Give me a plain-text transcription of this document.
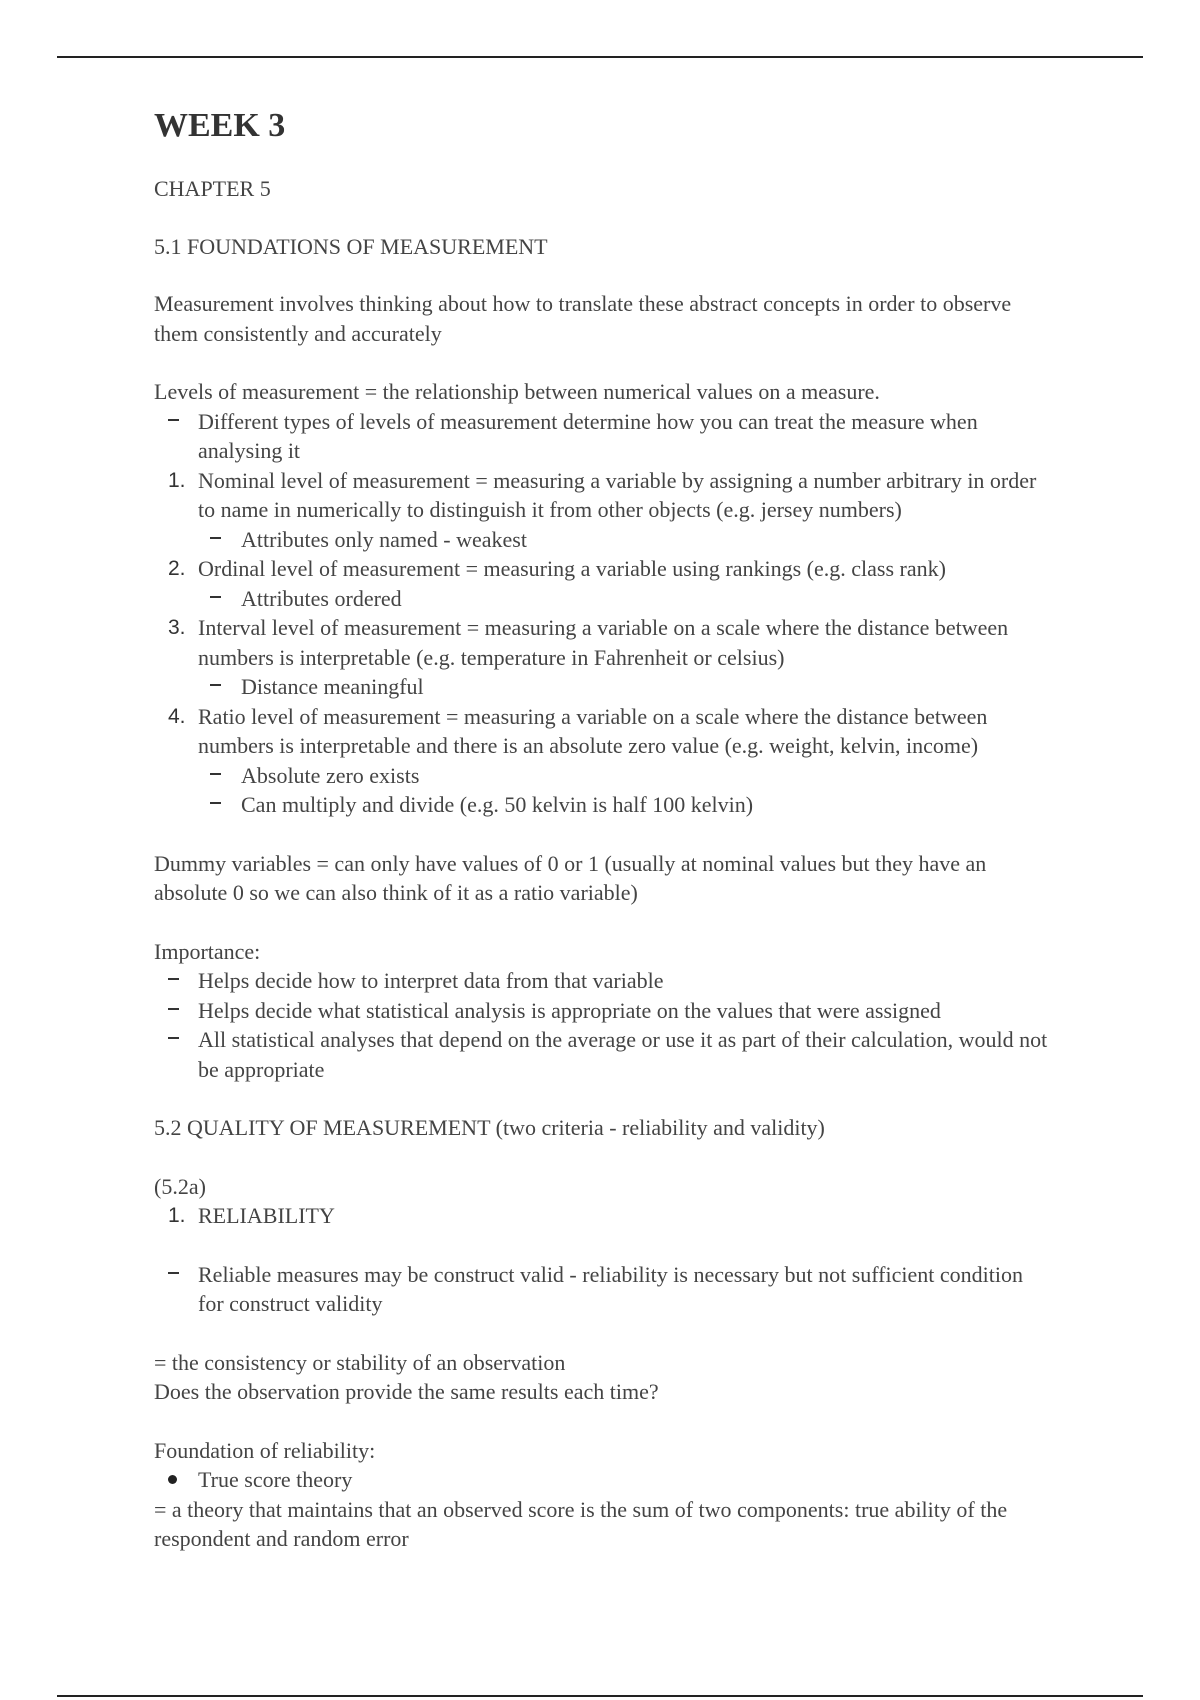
WEEK 3

CHAPTER 5

5.1 FOUNDATIONS OF MEASUREMENT

Measurement involves thinking about how to translate these abstract concepts in order to observe them consistently and accurately

Levels of measurement = the relationship between numerical values on a measure.

Different types of levels of measurement determine how you can treat the measure when analysing it
1. Nominal level of measurement = measuring a variable by assigning a number arbitrary in order to name in numerically to distinguish it from other objects (e.g. jersey numbers)
Attributes only named - weakest
2. Ordinal level of measurement = measuring a variable using rankings (e.g. class rank)
Attributes ordered
3. Interval level of measurement = measuring a variable on a scale where the distance between numbers is interpretable (e.g. temperature in Fahrenheit or celsius)
Distance meaningful
4. Ratio level of measurement = measuring a variable on a scale where the distance between numbers is interpretable and there is an absolute zero value (e.g. weight, kelvin, income)
Absolute zero exists
Can multiply and divide (e.g. 50 kelvin is half 100 kelvin)

Dummy variables = can only have values of 0 or 1 (usually at nominal values but they have an absolute 0 so we can also think of it as a ratio variable)

Importance:

Helps decide how to interpret data from that variable
Helps decide what statistical analysis is appropriate on the values that were assigned
All statistical analyses that depend on the average or use it as part of their calculation, would not be appropriate

5.2 QUALITY OF MEASUREMENT (two criteria - reliability and validity)

(5.2a)

1. RELIABILITY
Reliable measures may be construct valid - reliability is necessary but not sufficient condition for construct validity

= the consistency or stability of an observation

Does the observation provide the same results each time?

Foundation of reliability:

True score theory

= a theory that maintains that an observed score is the sum of two components: true ability of the respondent and random error
